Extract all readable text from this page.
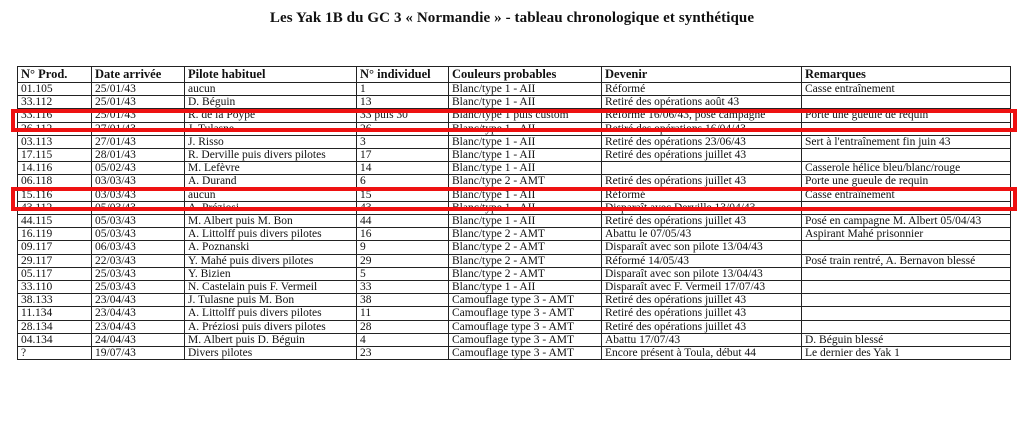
Les Yak 1B du GC 3 « Normandie » - tableau chronologique et synthétique
N° Prod.	Date arrivée	Pilote habituel	N° individuel	Couleurs probables	Devenir	Remarques
01.105	25/01/43	aucun	1	Blanc/type 1 - AII	Réformé	Casse entraînement
33.112	25/01/43	D. Béguin	13	Blanc/type 1 - AII	Retiré des opérations août 43	
33.116	25/01/43	R. de la Poype	33 puis 30	Blanc/type 1 puis custom	Réformé 16/06/43, posé campagne	Porte une gueule de requin
26.112	27/01/43	J. Tulasne	26	Blanc/type 1 - AII	Retiré des opérations 16/04/43	
03.113	27/01/43	J. Risso	3	Blanc/type 1 - AII	Retiré des opérations 23/06/43	Sert à l'entraînement fin juin 43
17.115	28/01/43	R. Derville puis divers pilotes	17	Blanc/type 1 - AII	Retiré des opérations juillet 43	
14.116	05/02/43	M. Lefèvre	14	Blanc/type 1 - AII		Casserole hélice bleu/blanc/rouge
06.118	03/03/43	A. Durand	6	Blanc/type 2 - AMT	Retiré des opérations juillet 43	Porte une gueule de requin
15.116	03/03/43	aucun	15	Blanc/type 1 - AII	Réformé	Casse entraînement
43.112	05/03/43	A. Préziosi	43	Blanc/type 1 - AII	Disparaît avec Derville 13/04/43	
44.115	05/03/43	M. Albert puis M. Bon	44	Blanc/type 1 - AII	Retiré des opérations juillet 43	Posé en campagne M. Albert 05/04/43
16.119	05/03/43	A. Littolff puis divers pilotes	16	Blanc/type 2 - AMT	Abattu le 07/05/43	Aspirant Mahé prisonnier
09.117	06/03/43	A. Poznanski	9	Blanc/type 2 - AMT	Disparaît avec son pilote 13/04/43	
29.117	22/03/43	Y. Mahé puis divers pilotes	29	Blanc/type 2 - AMT	Réformé 14/05/43	Posé train rentré, A. Bernavon blessé
05.117	25/03/43	Y. Bizien	5	Blanc/type 2 - AMT	Disparaît avec son pilote 13/04/43	
33.110	25/03/43	N. Castelain puis F. Vermeil	33	Blanc/type 1 - AII	Disparaît avec F. Vermeil 17/07/43	
38.133	23/04/43	J. Tulasne puis M. Bon	38	Camouflage type 3 - AMT	Retiré des opérations juillet 43	
11.134	23/04/43	A. Littolff puis divers pilotes	11	Camouflage type 3 - AMT	Retiré des opérations juillet 43	
28.134	23/04/43	A. Préziosi puis divers pilotes	28	Camouflage type 3 - AMT	Retiré des opérations juillet 43	
04.134	24/04/43	M. Albert puis D. Béguin	4	Camouflage type 3 - AMT	Abattu 17/07/43	D. Béguin blessé
?	19/07/43	Divers pilotes	23	Camouflage type 3 - AMT	Encore présent à Toula, début 44	Le dernier des Yak 1
